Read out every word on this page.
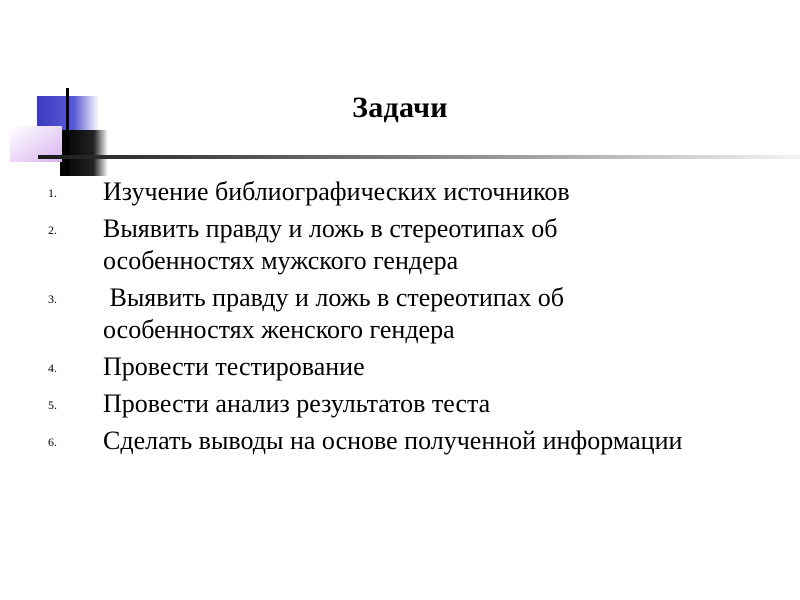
Задачи
1. Изучение библиографических источников
2. Выявить правду и ложь в стереотипах об особенностях мужского гендера
3. Выявить правду и ложь в стереотипах об особенностях женского гендера
4. Провести тестирование
5. Провести анализ результатов теста
6. Сделать выводы на основе полученной информации
